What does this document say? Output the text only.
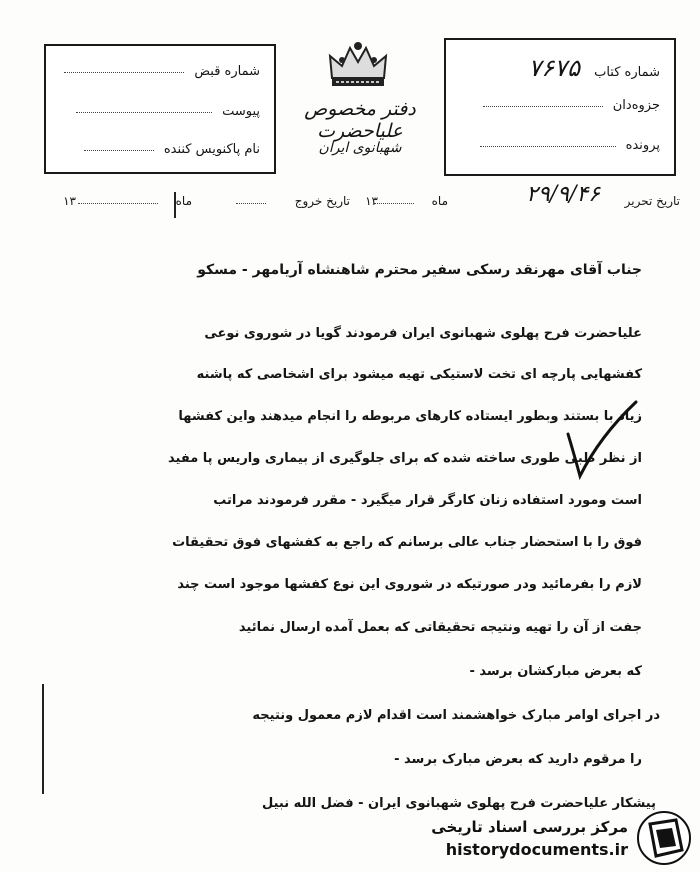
شماره قبض
پیوست
نام پاکنویس کننده
دفتر مخصوص علیاحضرت
شهبانوی ایران
شماره کتاب ۷۶۷۵
جزوه‌دان
پرونده
تاریخ تحریر
۲۹/۹/۴۶
ماه
۱۳
تاریخ خروج
ماه
۱۳
جناب آقای مهرنقد رسکی سفیر محترم شاهنشاه آریامهر - مسکو
علیاحضرت فرح پهلوی شهبانوی ایران فرمودند گویا در شوروی نوعی
کفشهایی پارچه ای تخت لاستیکی تهیه میشود برای اشخاصی که پاشنه
زیاد با بستند وبطور ایستاده کارهای مربوطه را انجام میدهند واین کفشها
از نظر طبی طوری ساخته شده که برای جلوگیری از بیماری واریس پا مفید
است ومورد استفاده زنان کارگر قرار میگیرد - مقرر فرمودند مراتب
فوق را با استحضار جناب عالی برسانم که راجع به کفشهای فوق تحقیقات
لازم را بفرمائید ودر صورتیکه در شوروی این نوع کفشها موجود است چند
جفت از آن را تهیه ونتیجه تحقیقاتی که بعمل آمده ارسال نمائید
که بعرض مبارکشان برسد -
در اجرای اوامر مبارک خواهشمند است اقدام لازم معمول ونتیجه
را مرقوم دارید که بعرض مبارک برسد -
پیشکار علیاحضرت فرح پهلوی شهبانوی ایران - فضل الله نبیل
مرکز بررسی اسناد تاریخی
historydocuments.ir
